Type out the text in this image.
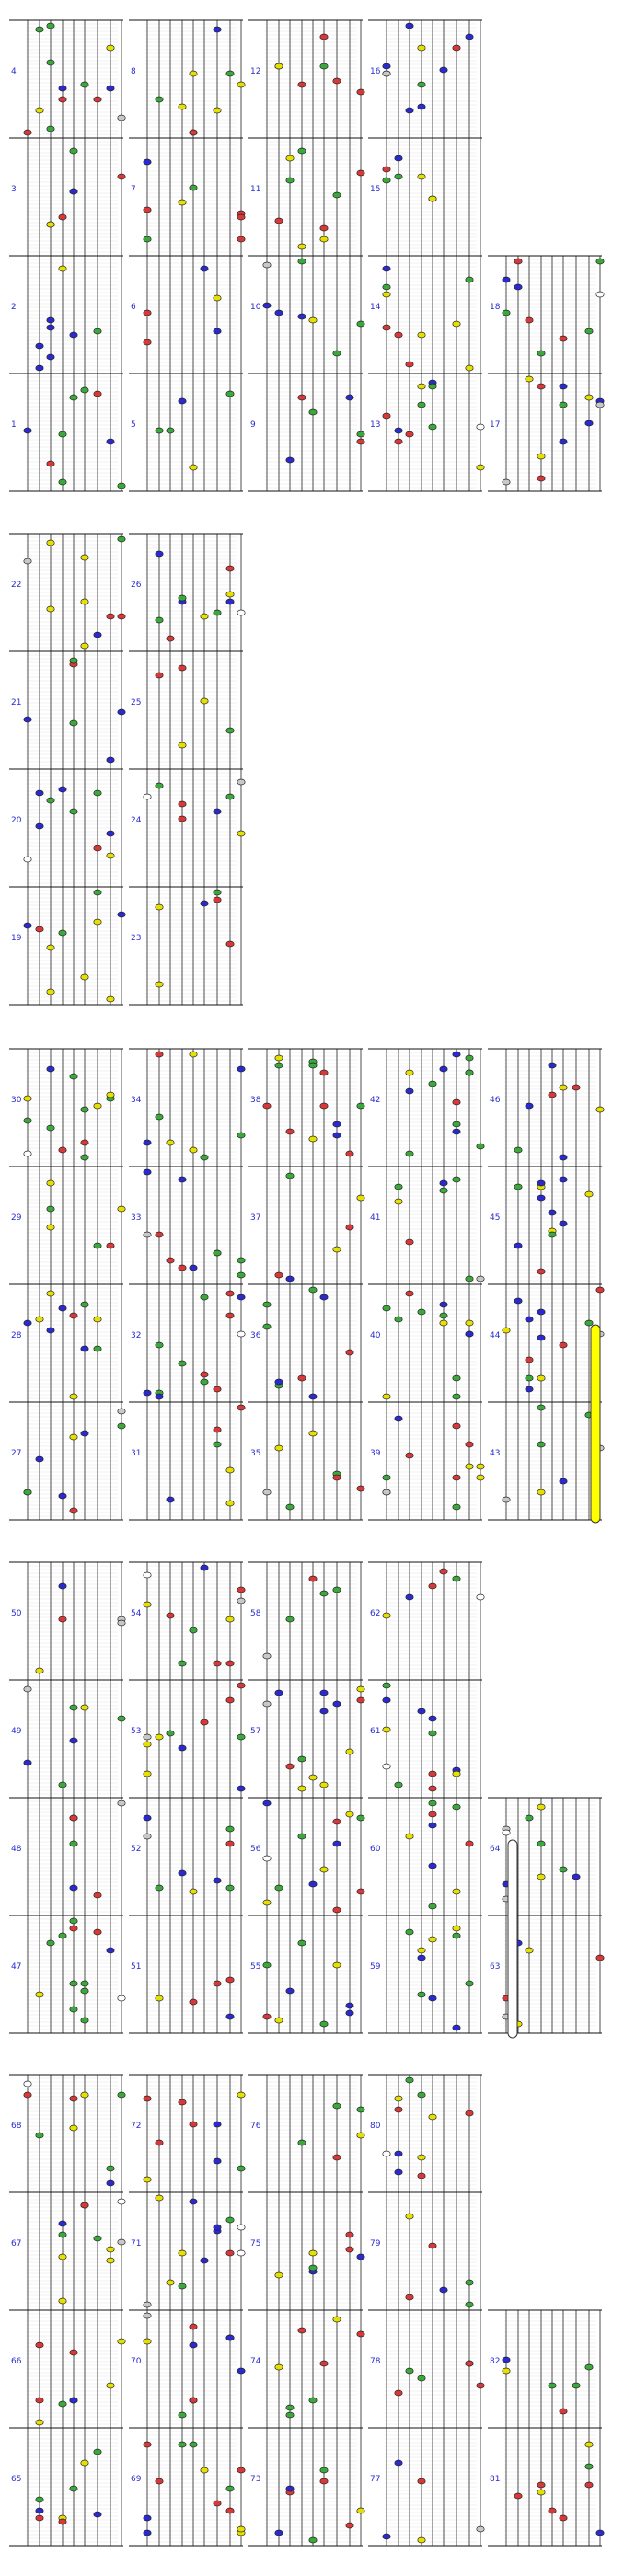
1
2
3
4
5
6
7
8
9
10
11
12
13
14
15
16
17
18
19
20
21
22
23
24
25
26
27
28
29
30
31
32
33
34
35
36
37
38
39
40
41
42
43
44
45
46
47
48
49
50
51
52
53
54
55
56
57
58
59
60
61
62
63
64
65
66
67
68
69
70
71
72
73
74
75
76
77
78
79
80
81
82
